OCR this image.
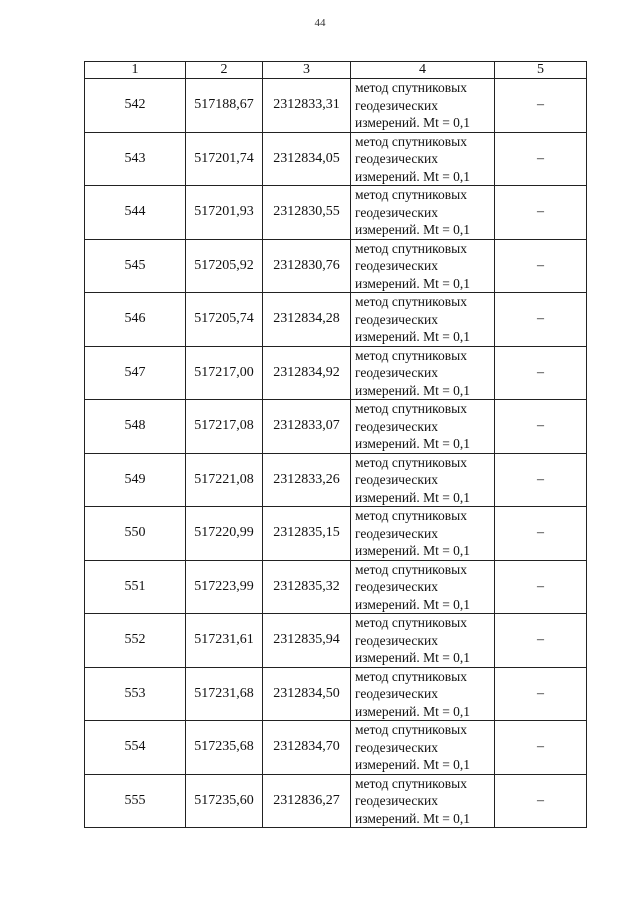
44
1	2	3	4	5
542	517188,67	2312833,31	метод спутниковых
геодезических
измерений. Mt = 0,1	–
543	517201,74	2312834,05	метод спутниковых
геодезических
измерений. Mt = 0,1	–
544	517201,93	2312830,55	метод спутниковых
геодезических
измерений. Mt = 0,1	–
545	517205,92	2312830,76	метод спутниковых
геодезических
измерений. Mt = 0,1	–
546	517205,74	2312834,28	метод спутниковых
геодезических
измерений. Mt = 0,1	–
547	517217,00	2312834,92	метод спутниковых
геодезических
измерений. Mt = 0,1	–
548	517217,08	2312833,07	метод спутниковых
геодезических
измерений. Mt = 0,1	–
549	517221,08	2312833,26	метод спутниковых
геодезических
измерений. Mt = 0,1	–
550	517220,99	2312835,15	метод спутниковых
геодезических
измерений. Mt = 0,1	–
551	517223,99	2312835,32	метод спутниковых
геодезических
измерений. Mt = 0,1	–
552	517231,61	2312835,94	метод спутниковых
геодезических
измерений. Mt = 0,1	–
553	517231,68	2312834,50	метод спутниковых
геодезических
измерений. Mt = 0,1	–
554	517235,68	2312834,70	метод спутниковых
геодезических
измерений. Mt = 0,1	–
555	517235,60	2312836,27	метод спутниковых
геодезических
измерений. Mt = 0,1	–
